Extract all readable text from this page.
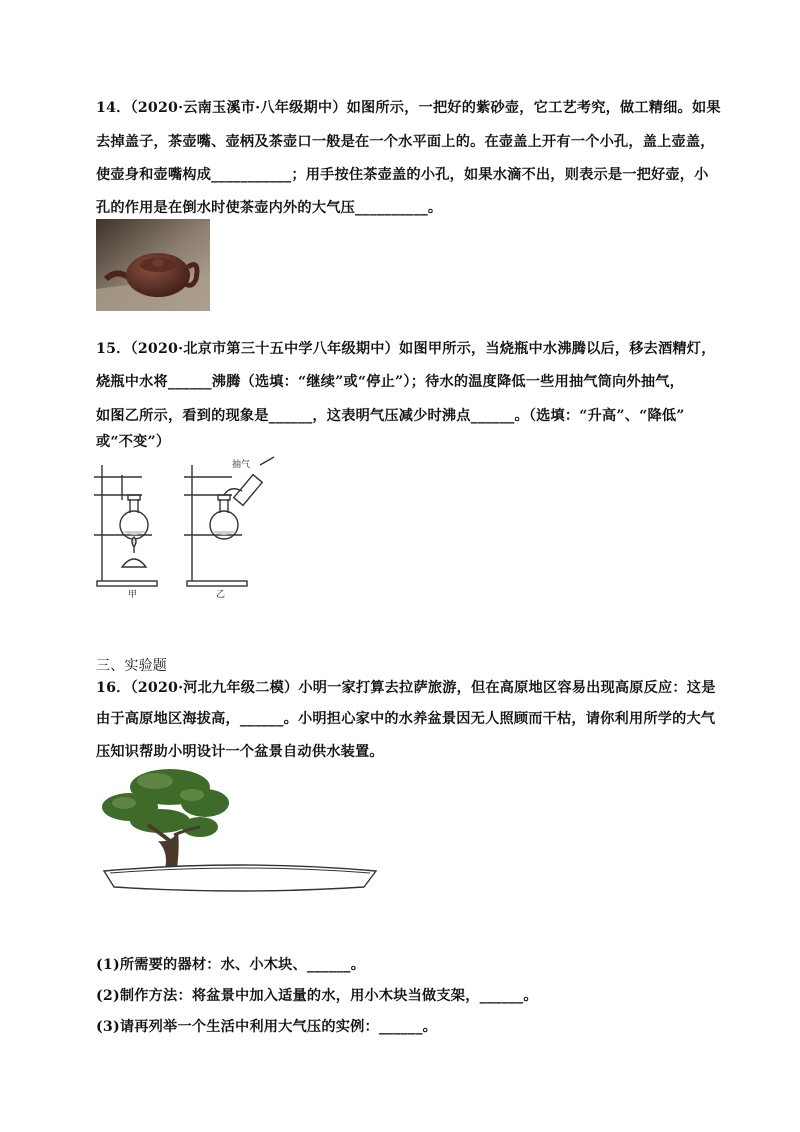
14．（2020·云南玉溪市·八年级期中）如图所示，一把好的紫砂壶，它工艺考究，做工精细。如果
去掉盖子，茶壶嘴、壶柄及茶壶口一般是在一个水平面上的。在壶盖上开有一个小孔，盖上壶盖，
使壶身和壶嘴构成___________；用手按住茶壶盖的小孔，如果水滴不出，则表示是一把好壶，小
孔的作用是在倒水时使茶壶内外的大气压__________。
15．（2020·北京市第三十五中学八年级期中）如图甲所示，当烧瓶中水沸腾以后，移去酒精灯，
烧瓶中水将______沸腾（选填：“继续”或“停止”）；待水的温度降低一些用抽气筒向外抽气，
如图乙所示，看到的现象是______，这表明气压减少时沸点______。（选填：“升高”、“降低”
或“不变”）
抽气
甲	乙
三、实验题
16．（2020·河北九年级二模）小明一家打算去拉萨旅游，但在高原地区容易出现高原反应：这是
由于高原地区海拔高，______。小明担心家中的水养盆景因无人照顾而干枯，请你利用所学的大气
压知识帮助小明设计一个盆景自动供水装置。
(1)所需要的器材：水、小木块、______。
(2)制作方法：将盆景中加入适量的水，用小木块当做支架，______。
(3)请再列举一个生活中利用大气压的实例：______。
